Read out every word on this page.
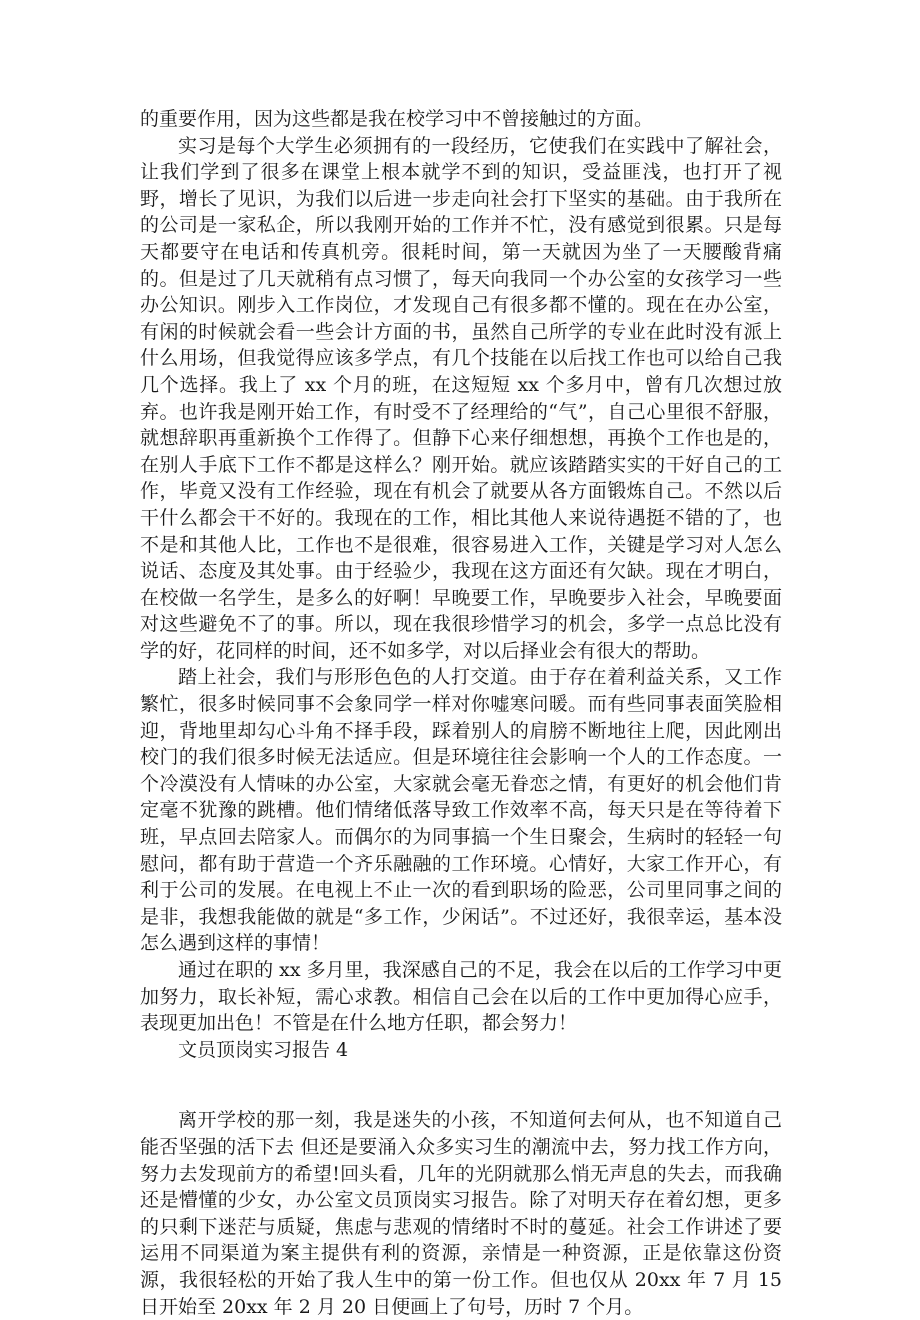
的重要作用，因为这些都是我在校学习中不曾接触过的方面。

实习是每个大学生必须拥有的一段经历，它使我们在实践中了解社会，让我们学到了很多在课堂上根本就学不到的知识，受益匪浅，也打开了视野，增长了见识，为我们以后进一步走向社会打下坚实的基础。由于我所在的公司是一家私企，所以我刚开始的工作并不忙，没有感觉到很累。只是每天都要守在电话和传真机旁。很耗时间，第一天就因为坐了一天腰酸背痛的。但是过了几天就稍有点习惯了，每天向我同一个办公室的女孩学习一些办公知识。刚步入工作岗位，才发现自己有很多都不懂的。现在在办公室，有闲的时候就会看一些会计方面的书，虽然自己所学的专业在此时没有派上什么用场，但我觉得应该多学点，有几个技能在以后找工作也可以给自己我几个选择。我上了 xx 个月的班，在这短短 xx 个多月中，曾有几次想过放弃。也许我是刚开始工作，有时受不了经理给的“气”，自己心里很不舒服，就想辞职再重新换个工作得了。但静下心来仔细想想，再换个工作也是的，在别人手底下工作不都是这样么？刚开始。就应该踏踏实实的干好自己的工作，毕竟又没有工作经验，现在有机会了就要从各方面锻炼自己。不然以后干什么都会干不好的。我现在的工作，相比其他人来说待遇挺不错的了，也不是和其他人比，工作也不是很难，很容易进入工作，关键是学习对人怎么说话、态度及其处事。由于经验少，我现在这方面还有欠缺。现在才明白，在校做一名学生，是多么的好啊！早晚要工作，早晚要步入社会，早晚要面对这些避免不了的事。所以，现在我很珍惜学习的机会，多学一点总比没有学的好，花同样的时间，还不如多学，对以后择业会有很大的帮助。

踏上社会，我们与形形色色的人打交道。由于存在着利益关系，又工作繁忙，很多时候同事不会象同学一样对你嘘寒问暖。而有些同事表面笑脸相迎，背地里却勾心斗角不择手段，踩着别人的肩膀不断地往上爬，因此刚出校门的我们很多时候无法适应。但是环境往往会影响一个人的工作态度。一个冷漠没有人情味的办公室，大家就会毫无眷恋之情，有更好的机会他们肯定毫不犹豫的跳槽。他们情绪低落导致工作效率不高，每天只是在等待着下班，早点回去陪家人。而偶尔的为同事搞一个生日聚会，生病时的轻轻一句慰问，都有助于营造一个齐乐融融的工作环境。心情好，大家工作开心，有利于公司的发展。在电视上不止一次的看到职场的险恶，公司里同事之间的是非，我想我能做的就是“多工作，少闲话”。不过还好，我很幸运，基本没怎么遇到这样的事情！

通过在职的 xx 多月里，我深感自己的不足，我会在以后的工作学习中更加努力，取长补短，需心求教。相信自己会在以后的工作中更加得心应手，表现更加出色！不管是在什么地方任职，都会努力！

文员顶岗实习报告 4

离开学校的那一刻，我是迷失的小孩，不知道何去何从，也不知道自己能否坚强的活下去 但还是要涌入众多实习生的潮流中去，努力找工作方向，努力去发现前方的希望!回头看，几年的光阴就那么悄无声息的失去，而我确还是懵懂的少女，办公室文员顶岗实习报告。除了对明天存在着幻想，更多的只剩下迷茫与质疑，焦虑与悲观的情绪时不时的蔓延。社会工作讲述了要运用不同渠道为案主提供有利的资源，亲情是一种资源，正是依靠这份资源，我很轻松的开始了我人生中的第一份工作。但也仅从 20xx 年 7 月 15 日开始至 20xx 年 2 月 20 日便画上了句号，历时 7 个月。
